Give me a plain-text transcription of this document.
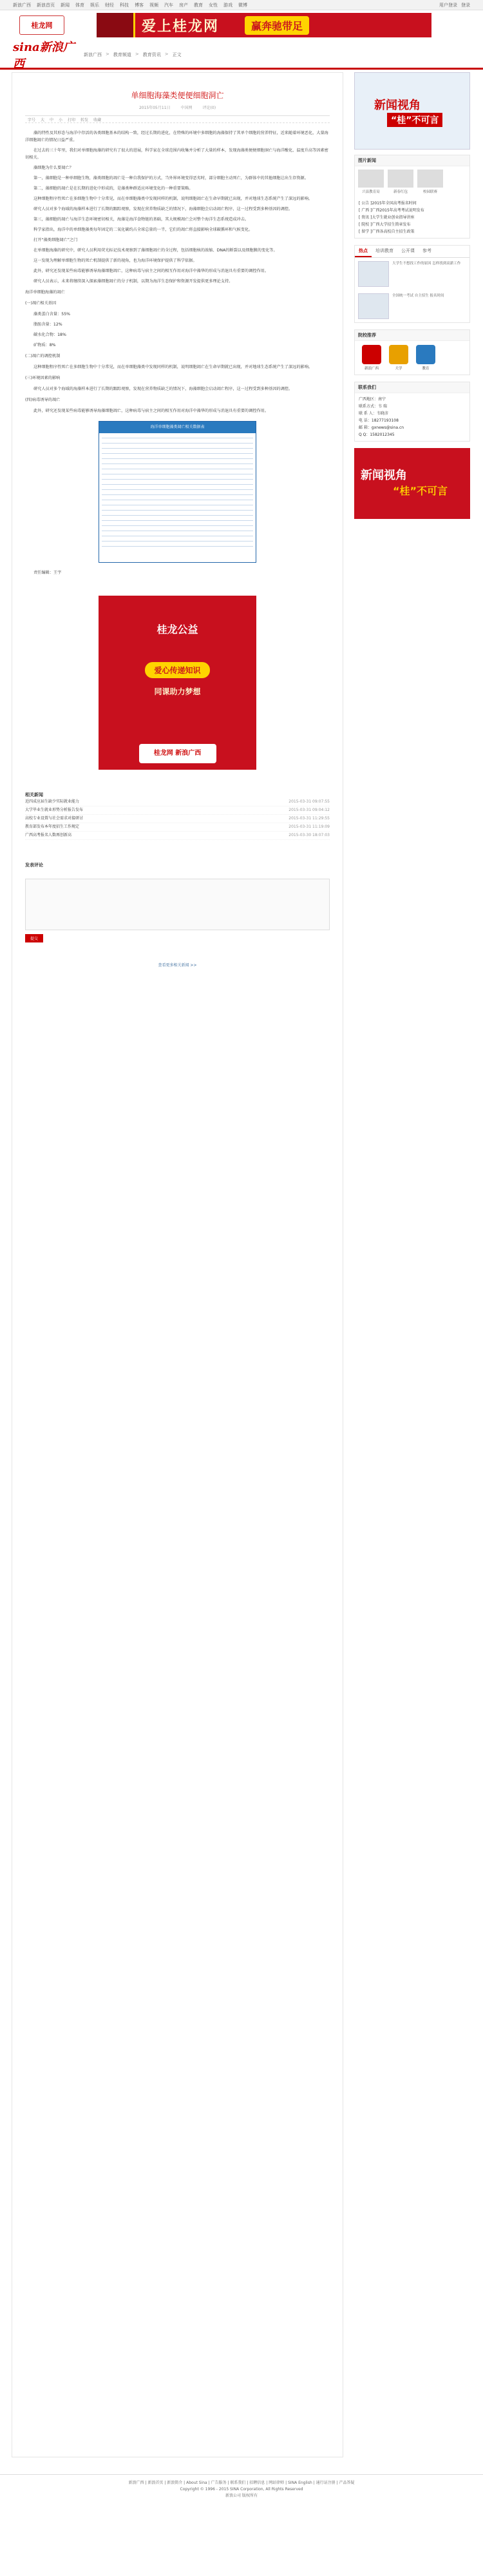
新浪广西 新浪首页 新闻 体育 娱乐 财经 科技 博客 视频 汽车 房产 教育 女性 游戏 微博	用户登录 登录
桂龙网	爱上桂龙网	赢奔驰带足
sina新浪广西
新浪广西 > 教育频道 > 教育资讯 > 正文
单细胞海藻类便便细胞洞亡
2015年05月11日	中国网	评论(0)
字号 大 中 小 打印 转发 收藏

藻的特性及其形态与海洋中存活的各类细胞基本的结构一致，经过长期的进化，在特殊的环境中多细胞的海藻保持了其单个细胞的营养特征，近来随着环境恶化，大量海洋细胞凋亡的情况日益严重。

在过去的三十年里，我们对单细胞海藻的研究有了很大的进展，科学家在全球范围内收集并分析了大量的样本，发现海藻类便便细胞洞亡与海洋酸化、温度升高等因素密切相关。

藻细胞为什么要凋亡？

第一，藻细胞是一种单细胞生物，藻类细胞的凋亡是一种自我保护的方式，当外界环境变得恶劣时，部分细胞主动死亡，为群体中的其他细胞让出生存资源。

第二，藻细胞的凋亡是在长期的进化中形成的，是藻类种群适应环境变化的一种重要策略。

这种细胞程序性死亡在多细胞生物中十分常见，而在单细胞藻类中发现同样的机制，说明细胞凋亡在生命早期就已出现，并对地球生态系统产生了深远的影响。

研究人员对多个海域的海藻样本进行了长期的跟踪观察，发现在营养物质缺乏的情况下，海藻细胞会启动凋亡程序，这一过程受到多种基因的调控。

第三，藻细胞的凋亡与海洋生态环境密切相关，海藻是海洋食物链的基础，其大规模凋亡会对整个海洋生态系统造成冲击。

科学家指出，海洋中的单细胞藻类每年固定的二氧化碳约占全球总量的一半，它们的凋亡将直接影响全球碳循环和气候变化。

打开“藻类细胞凋亡”之门

在单细胞海藻的研究中，研究人员利用荧光标记技术观察到了藻细胞凋亡的全过程，包括细胞核的浓缩、DNA的断裂以及细胞膜的变化等。

这一发现为理解单细胞生物的死亡机制提供了新的视角，也为海洋环境保护提供了科学依据。

此外，研究还发现某些病毒能够诱导海藻细胞凋亡，这种病毒与宿主之间的相互作用对海洋中藻华的形成与消退具有重要的调控作用。

研究人员表示，未来将继续深入探索藻细胞凋亡的分子机制，以期为海洋生态保护和资源开发提供更多理论支持。

海洋单细胞海藻的凋亡
(一)凋亡相关基因

藻类蛋白含量：55%

脂肪含量：12%

碳水化合物：18%

矿物质：8%

(二)凋亡的调控机制

这种细胞程序性死亡在多细胞生物中十分常见，而在单细胞藻类中发现同样的机制，说明细胞凋亡在生命早期就已出现，并对地球生态系统产生了深远的影响。

(三)环境因素的影响

研究人员对多个海域的海藻样本进行了长期的跟踪观察，发现在营养物质缺乏的情况下，海藻细胞会启动凋亡程序，这一过程受到多种基因的调控。

(四)病毒诱导的凋亡

此外，研究还发现某些病毒能够诱导海藻细胞凋亡，这种病毒与宿主之间的相互作用对海洋中藻华的形成与消退具有重要的调控作用。

海洋单细胞藻类凋亡相关数据表

责任编辑：王宇

桂龙公益
爱心传递知识
同课助力梦想
桂龙网 新浪广西
相关新闻
近四成应届生缺少实际就业能力	2015-03-31 09:07:55
大学毕业生就业形势分析报告发布	2015-03-31 09:04:12
高校专业设置与社会需求对接研讨	2015-03-31 11:29:55
教育部发布本年度招生工作规定	2015-03-31 11:19:09
广西高考报名人数再创新高	2015-03-30 18:07:03
发表评论
提交
查看更多相关新闻 >>
新闻视角
“桂”不可言
图片新闻
兴县教育局	新春红包	校园联赛
[ 公告 ]2015年全国高考报名时间
[ 广西 ]广西2015年高考考试说明发布
[ 资讯 ]大学生就业创业指导讲座
[ 院校 ]广西大学招生简章发布
[ 留学 ]广西各高校自主招生政策
热点	培训教育	公开课	参考
大学生不想找工作的原因 怎样找到高薪工作
全国统一考试 自主招生 报名时间
院校推荐
新浪广西	大学	教育
联系我们
广西地区：南宁
联系方式：韦 瑞
联 系 人：韦晓彦
电 话：18277193108
邮 箱：gxnews@sina.cn
Q Q：1582012345
新闻视角
“桂”不可言
新浪广西 | 新浪首页 | 新浪简介 | About Sina | 广告服务 | 联系我们 | 招聘信息 | 网站律师 | SINA English | 通行证注册 | 产品答疑
Copyright © 1996 - 2015 SINA Corporation, All Rights Reserved
新浪公司 版权所有
